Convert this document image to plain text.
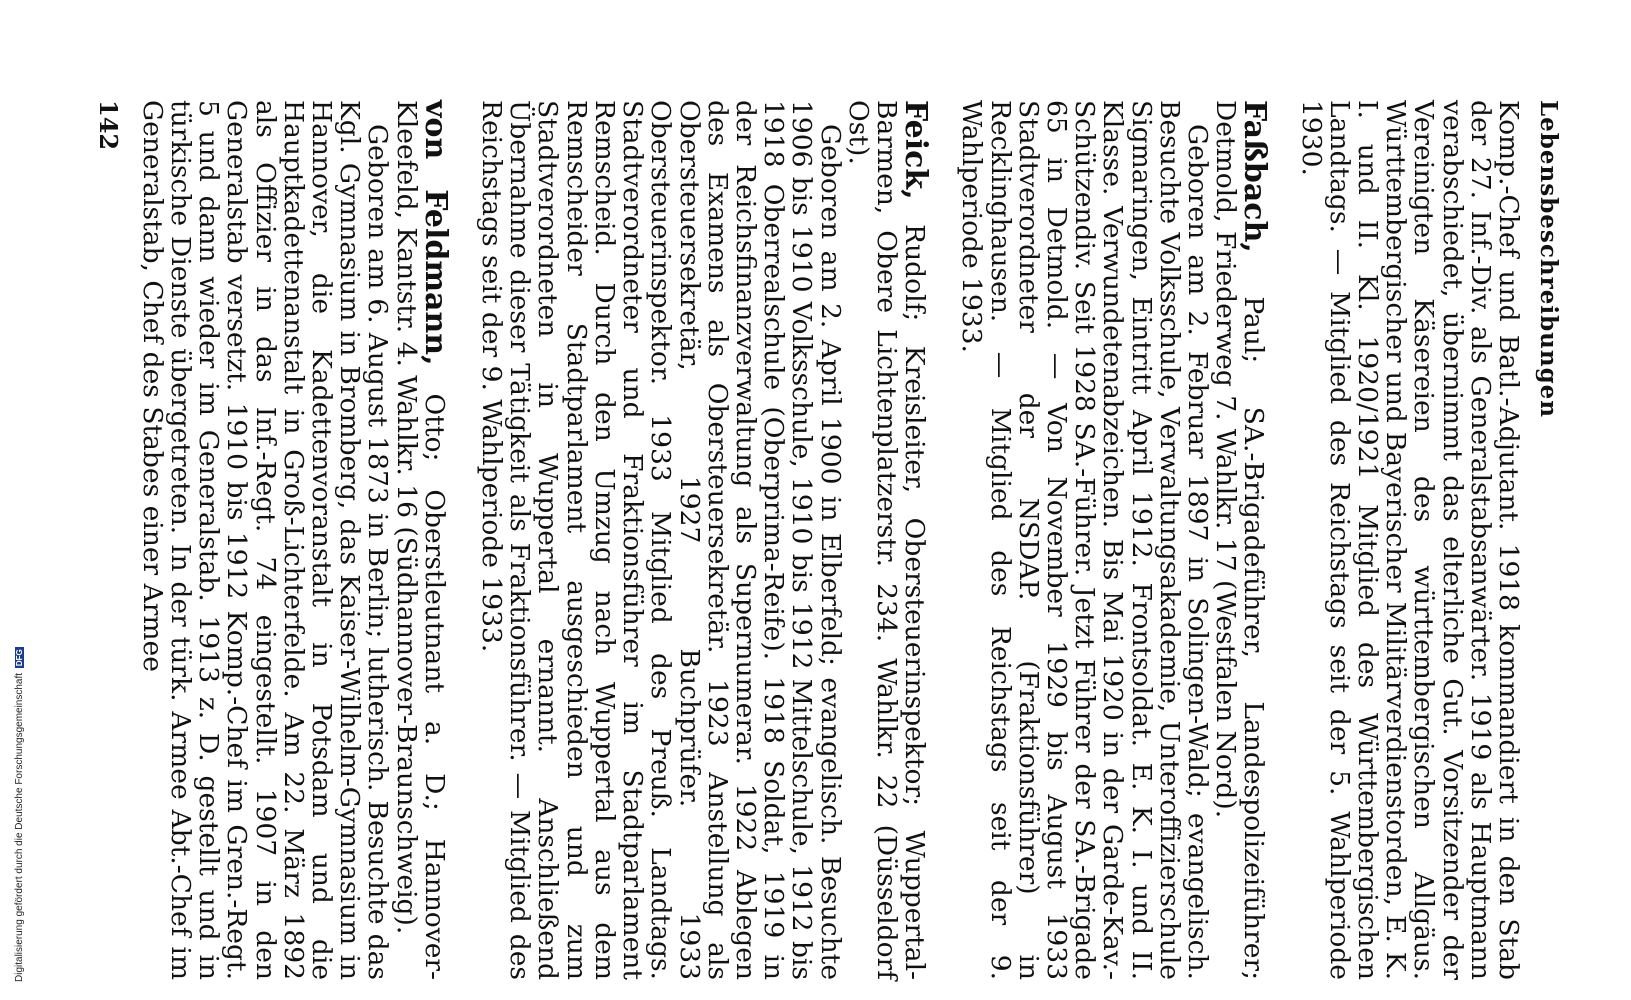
Lebensbeschreibungen

Komp.-Chef und Batl.-Adjutant. 1918 kommandiert in den Stab der 27. Inf.-Div. als Generalstabsanwärter. 1919 als Hauptmann verabschiedet, übernimmt das elterliche Gut. Vorsitzender der Vereinigten Käsereien des württembergischen Allgäus. Württembergischer und Bayerischer Militärverdienstorden, E. K. I. und II. Kl. 1920/1921 Mitglied des Württembergischen Landtags. — Mitglied des Reichstags seit der 5. Wahlperiode 1930.

Faßbach, Paul; SA.-Brigadeführer, Landespolizeiführer; Detmold, Friederweg 7. Wahlkr. 17 (Westfalen Nord).

Geboren am 2. Februar 1897 in Solingen-Wald; evangelisch. Besuchte Volksschule, Verwaltungsakademie, Unteroffizierschule Sigmaringen, Eintritt April 1912. Frontsoldat. E. K. I. und II. Klasse. Verwundetenabzeichen. Bis Mai 1920 in der Garde-Kav.-Schützendiv. Seit 1928 SA.-Führer. Jetzt Führer der SA.-Brigade 65 in Detmold. — Von November 1929 bis August 1933 Stadtverordneter der NSDAP. (Fraktionsführer) in Recklinghausen. — Mitglied des Reichstags seit der 9. Wahlperiode 1933.

Feick, Rudolf; Kreisleiter, Obersteuerinspektor; Wuppertal-Barmen, Obere Lichtenplatzerstr. 234. Wahlkr. 22 (Düsseldorf Ost).

Geboren am 2. April 1900 in Elberfeld; evangelisch. Besuchte 1906 bis 1910 Volksschule, 1910 bis 1912 Mittelschule, 1912 bis 1918 Oberrealschule (Oberprima-Reife). 1918 Soldat, 1919 in der Reichsfinanzverwaltung als Supernumerar. 1922 Ablegen des Examens als Obersteuersekretär. 1923 Anstellung als Obersteuersekretär, 1927 Buchprüfer. 1933 Obersteuerinspektor. 1933 Mitglied des Preuß. Landtags. Stadtverordneter und Fraktionsführer im Stadtparlament Remscheid. Durch den Umzug nach Wuppertal aus dem Remscheider Stadtparlament ausgeschieden und zum Stadtverordneten in Wuppertal ernannt. Anschließend Übernahme dieser Tätigkeit als Fraktionsführer. — Mitglied des Reichstags seit der 9. Wahlperiode 1933.

von Feldmann, Otto; Oberstleutnant a. D.; Hannover-Kleefeld, Kantstr. 4. Wahlkr. 16 (Südhannover-Braunschweig).

Geboren am 6. August 1873 in Berlin; lutherisch. Besuchte das Kgl. Gymnasium in Bromberg, das Kaiser-Wilhelm-Gymnasium in Hannover, die Kadettenvoranstalt in Potsdam und die Hauptkadettenanstalt in Groß-Lichterfelde. Am 22. März 1892 als Offizier in das Inf.-Regt. 74 eingestellt. 1907 in den Generalstab versetzt. 1910 bis 1912 Komp.-Chef im Gren.-Regt. 5 und dann wieder im Generalstab. 1913 z. D. gestellt und in türkische Dienste übergetreten. In der türk. Armee Abt.-Chef im Generalstab, Chef des Stabes einer Armee

142
Digitalisierung gefördert durch die Deutsche Forschungsgemeinschaft DFG
